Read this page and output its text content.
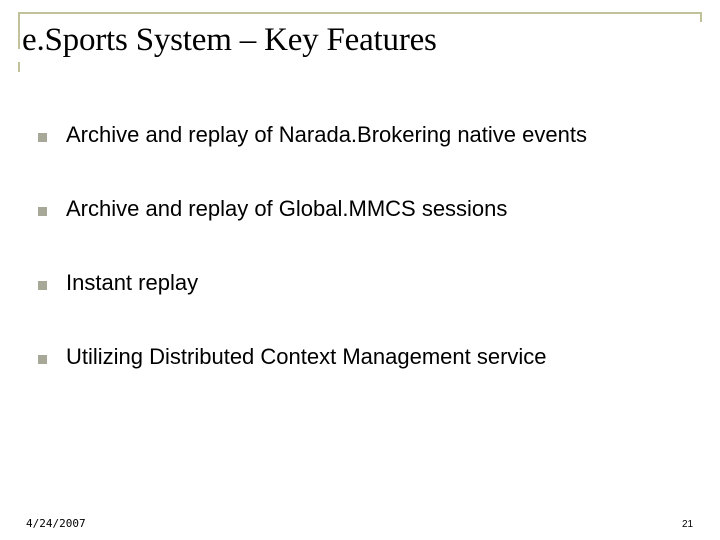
e.Sports System – Key Features
Archive and replay of Narada.Brokering native events
Archive and replay of Global.MMCS sessions
Instant replay
Utilizing Distributed Context Management service
4/24/2007	21
